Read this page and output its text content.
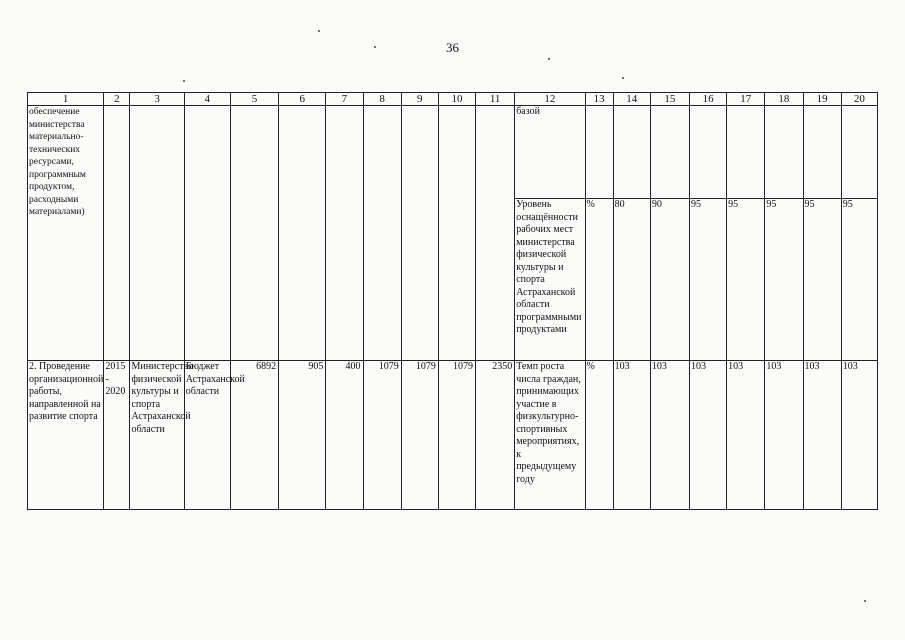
36
1	2	3	4	5	6	7	8	9	10	11	12	13	14	15	16	17	18	19	20
обеспечение министерства материально-технических ресурсами, программным продуктом, расходными материалами)											базой								
											Уровень оснащённости рабочих мест министерства физической культуры и спорта Астраханской области программными продуктами	%	80	90	95	95	95	95	95
2. Проведение организационной работы, направленной на развитие спорта	2015 - 2020	Министерство физической культуры и спорта Астраханской области	Бюджет Астраханской области	6892	905	400	1079	1079	1079	2350	Темп роста числа граждан, принимающих участие в физкультурно-спортивных мероприятиях, к предыдущему году	%	103	103	103	103	103	103	103
